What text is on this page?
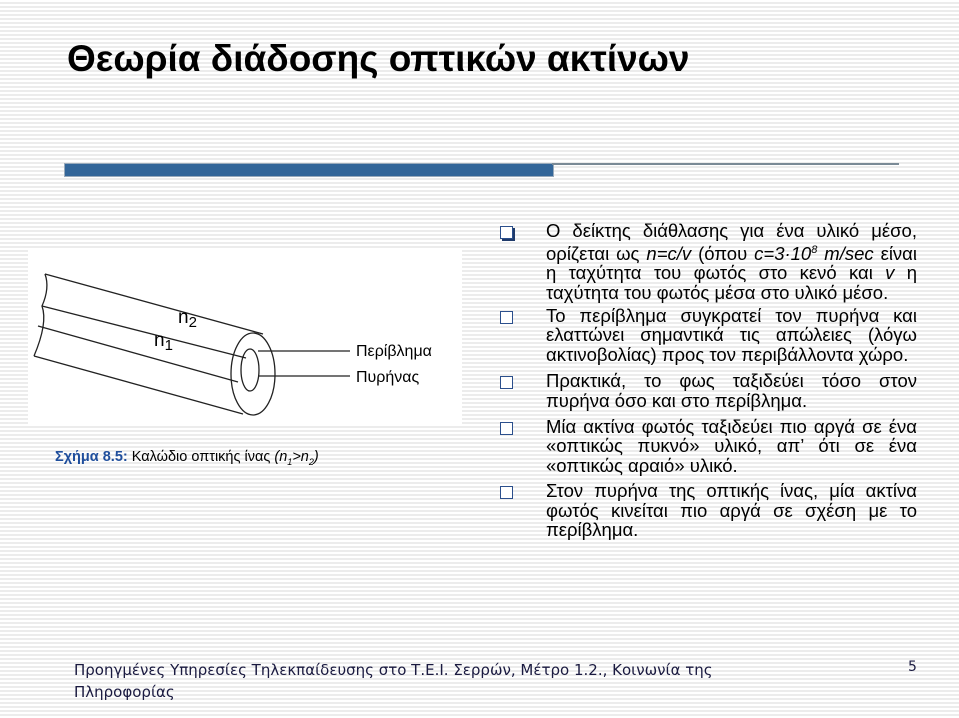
Θεωρία διάδοσης οπτικών ακτίνων
$n_2$
$n_1$	Περίβλημα
Πυρήνας
Σχήμα 8.5: Καλώδιο οπτικής ίνας $(n_1>n_2)$
Ο δείκτης διάθλασης για ένα υλικό μέσο, ορίζεται ως n=c/v (όπου $c=3\cdot 10^8$ m/sec είναι η ταχύτητα του φωτός στο κενό και v η ταχύτητα του φωτός μέσα στο υλικό μέσο.
Το περίβλημα συγκρατεί τον πυρήνα και ελαττώνει σημαντικά τις απώλειες (λόγω ακτινοβολίας) προς τον περιβάλλοντα χώρο.
Πρακτικά, το φως ταξιδεύει τόσο στον πυρήνα όσο και στο περίβλημα.
Μία ακτίνα φωτός ταξιδεύει πιο αργά σε ένα «οπτικώς πυκνό» υλικό, απ’ ότι σε ένα «οπτικώς αραιό» υλικό.
Στον πυρήνα της οπτικής ίνας, μία ακτίνα φωτός κινείται πιο αργά σε σχέση με το περίβλημα.
Προηγμένες Υπηρεσίες Τηλεκπαίδευσης στο Τ.Ε.Ι. Σερρών, Μέτρο 1.2., Κοινωνία της Πληροφορίας
5
